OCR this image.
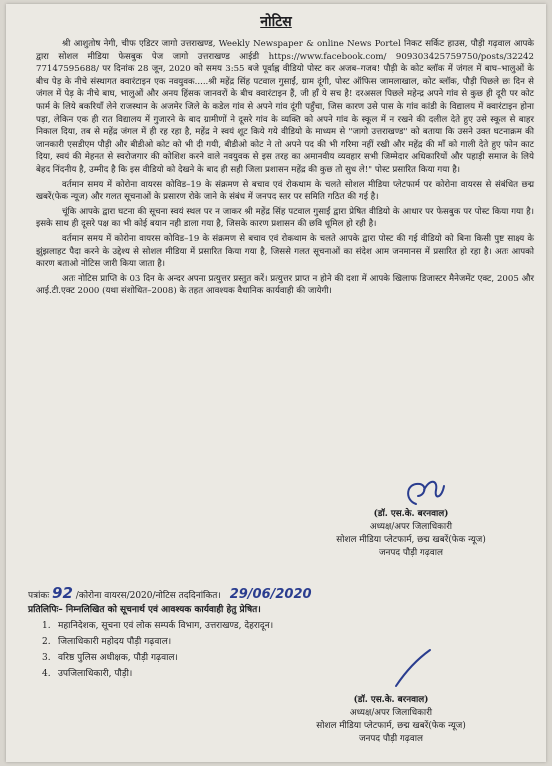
नोटिस

श्री आशुतोष नेगी, चीफ एडिटर जागो उत्तराखण्ड, Weekly Newspaper & online News Portel निकट सर्किट हाउस, पौड़ी गढ़वाल आपके द्वारा सोशल मीडिया फेसबुक पेज जागो उत्तराखण्ड आईडी https://www.facebook.com/ 909303425759750/posts/32242 77147595688/ पर दिनांक 28 जून, 2020 को समय 3:55 बजे पूर्वाह्न वीडियो पोस्ट कर अजब–गजब! पौड़ी के कोट ब्लॉक में जंगल में बाघ–भालुओं के बीच पेड़ के नीचे संस्थागत क्वारंटाइन एक नवयुवक.....श्री महेंद्र सिंह पटवाल गुसाईं, ग्राम दूंगी, पोस्ट ऑफिस जामलाखाल, कोट ब्लॉक, पौड़ी पिछले छः दिन से जंगल में पेड़ के नीचे बाघ, भालुओं और अनय हिंसक जानवरों के बीच क्वारंटाइन हैं, जी हाँ ये सच है! दरअसल पिछले महेन्द्र अपने गांव से कुछ ही दूरी पर कोट फार्म के लिये बकरियाँ लेने राजस्थान के अजमेर जिले के कडेल गांव से अपने गांव दूंगी पहुँचा, जिस कारण उसे पास के गांव कांडी के विद्यालय में क्वारंटाइन होना पड़ा, लेकिन एक ही रात विद्यालय में गुजारने के बाद ग्रामीणों ने दूसरे गांव के व्यक्ति को अपने गांव के स्कूल में न रखने की दलील देते हुए उसे स्कूल से बाहर निकाल दिया, तब से महेंद्र जंगल में ही रह रहा है, महेंद्र ने स्वयं शूट किये गये वीडियो के माध्यम से "जागो उत्तराखण्ड" को बताया कि उसने उक्त घटनाक्रम की जानकारी एसडीएम पौड़ी और बीडीओ कोट को भी दी गयी, बीडीओ कोट ने तो अपने पद की भी गरिमा नहीं रखी और महेंद्र की माँ को गाली देते हुए फोन काट दिया, स्वयं की मेहनत से स्वरोजगार की कोशिश करने वाले नवयुवक से इस तरह का अमानवीय व्यवहार सभी जिम्मेदार अधिकारियों और पहाड़ी समाज के लिये बेहद निंदनीय है, उम्मीद है कि इस वीडियो को देखने के बाद ही सही जिला प्रशासन महेंद्र की कुछ तो सुध ले!" पोस्ट प्रसारित किया गया है।

वर्तमान समय में कोरोना वायरस कोविड–19 के संक्रमण से बचाव एवं रोकथाम के चलते सोशल मीडिया प्लेटफार्म पर कोरोना वायरस से संबंधित छद्म खबरें(फेक न्यूज) और गलत सूचनाओं के प्रसारण रोके जाने के संबंध में जनपद स्तर पर समिति गठित की गई है।

चूंकि आपके द्वारा घटना की सूचना स्वयं स्थल पर न जाकर श्री महेंद्र सिंह पटवाल गुसाईं द्वारा प्रेषित वीडियो के आधार पर फेसबुक पर पोस्ट किया गया है। इसके साथ ही दूसरे पक्ष का भी कोई बयान नही डाला गया है, जिसके कारण प्रशासन की छवि धूमिल हो रही है।

वर्तमान समय में कोरोना वायरस कोविड–19 के संक्रमण से बचाव एवं रोकथाम के चलते आपके द्वारा पोस्ट की गई वीडियो को बिना किसी पुष्ट साक्ष्य के झुंझलाहट पैदा करने के उद्देश्य से सोशल मीडिया में प्रसारित किया गया है, जिससे गलत सूचनाओं का संदेश आम जनमानस में प्रसारित हो रहा है। अतः आपको कारण बताओ नोटिस जारी किया जाता है।

अतः नोटिस प्राप्ति के 03 दिन के अन्दर अपना प्रत्युत्तर प्रस्तुत करें। प्रत्युत्तर प्राप्त न होने की दशा में आपके खिलाफ डिजास्टर मैनेजमेंट एक्ट, 2005 और आई.टी.एक्ट 2000 (यथा संशोधित–2008) के तहत आवश्यक वैधानिक कार्यवाही की जायेगी।

(डॉ. एस.के. बरनवाल)
अध्यक्ष/अपर जिलाधिकारी
सोशल मीडिया प्लेटफार्म, छद्म खबरें(फेक न्यूज)
जनपद पौड़ी गढ़वाल
पत्रांकः 92 /कोरोना वायरस/2020/नोटिस तददिनांकित। 29/06/2020
प्रतिलिपिः– निम्नलिखित को सूचनार्थ एवं आवश्यक कार्यवाही हेतु प्रेषित।
1. महानिदेशक, सूचना एवं लोक सम्पर्क विभाग, उत्तराखण्ड, देहरादून।
2. जिलाधिकारी महोदय पौड़ी गढ़वाल।
3. वरिष्ठ पुलिस अधीक्षक, पौड़ी गढ़वाल।
4. उपजिलाधिकारी, पौड़ी।
(डॉ. एस.के. बरनवाल)
अध्यक्ष/अपर जिलाधिकारी
सोशल मीडिया प्लेटफार्म, छद्म खबरें(फेक न्यूज)
जनपद पौड़ी गढ़वाल
